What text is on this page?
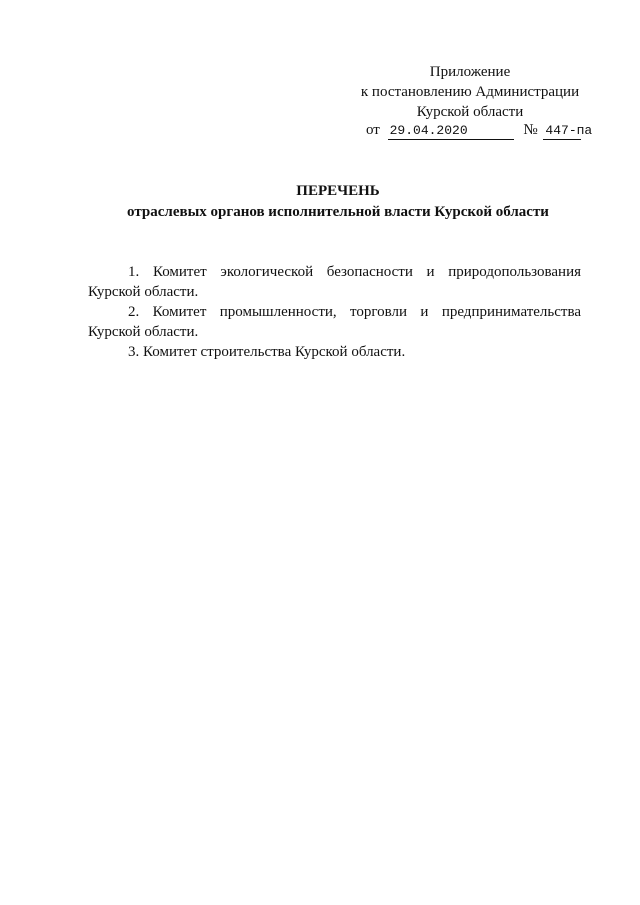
Приложение
к постановлению Администрации
Курской области
от 29.04.2020	№ 447-па
ПЕРЕЧЕНЬ
отраслевых органов исполнительной власти Курской области
1. Комитет экологической безопасности и природопользования Курской области.
2. Комитет промышленности, торговли и предпринимательства Курской области.
3. Комитет строительства Курской области.
